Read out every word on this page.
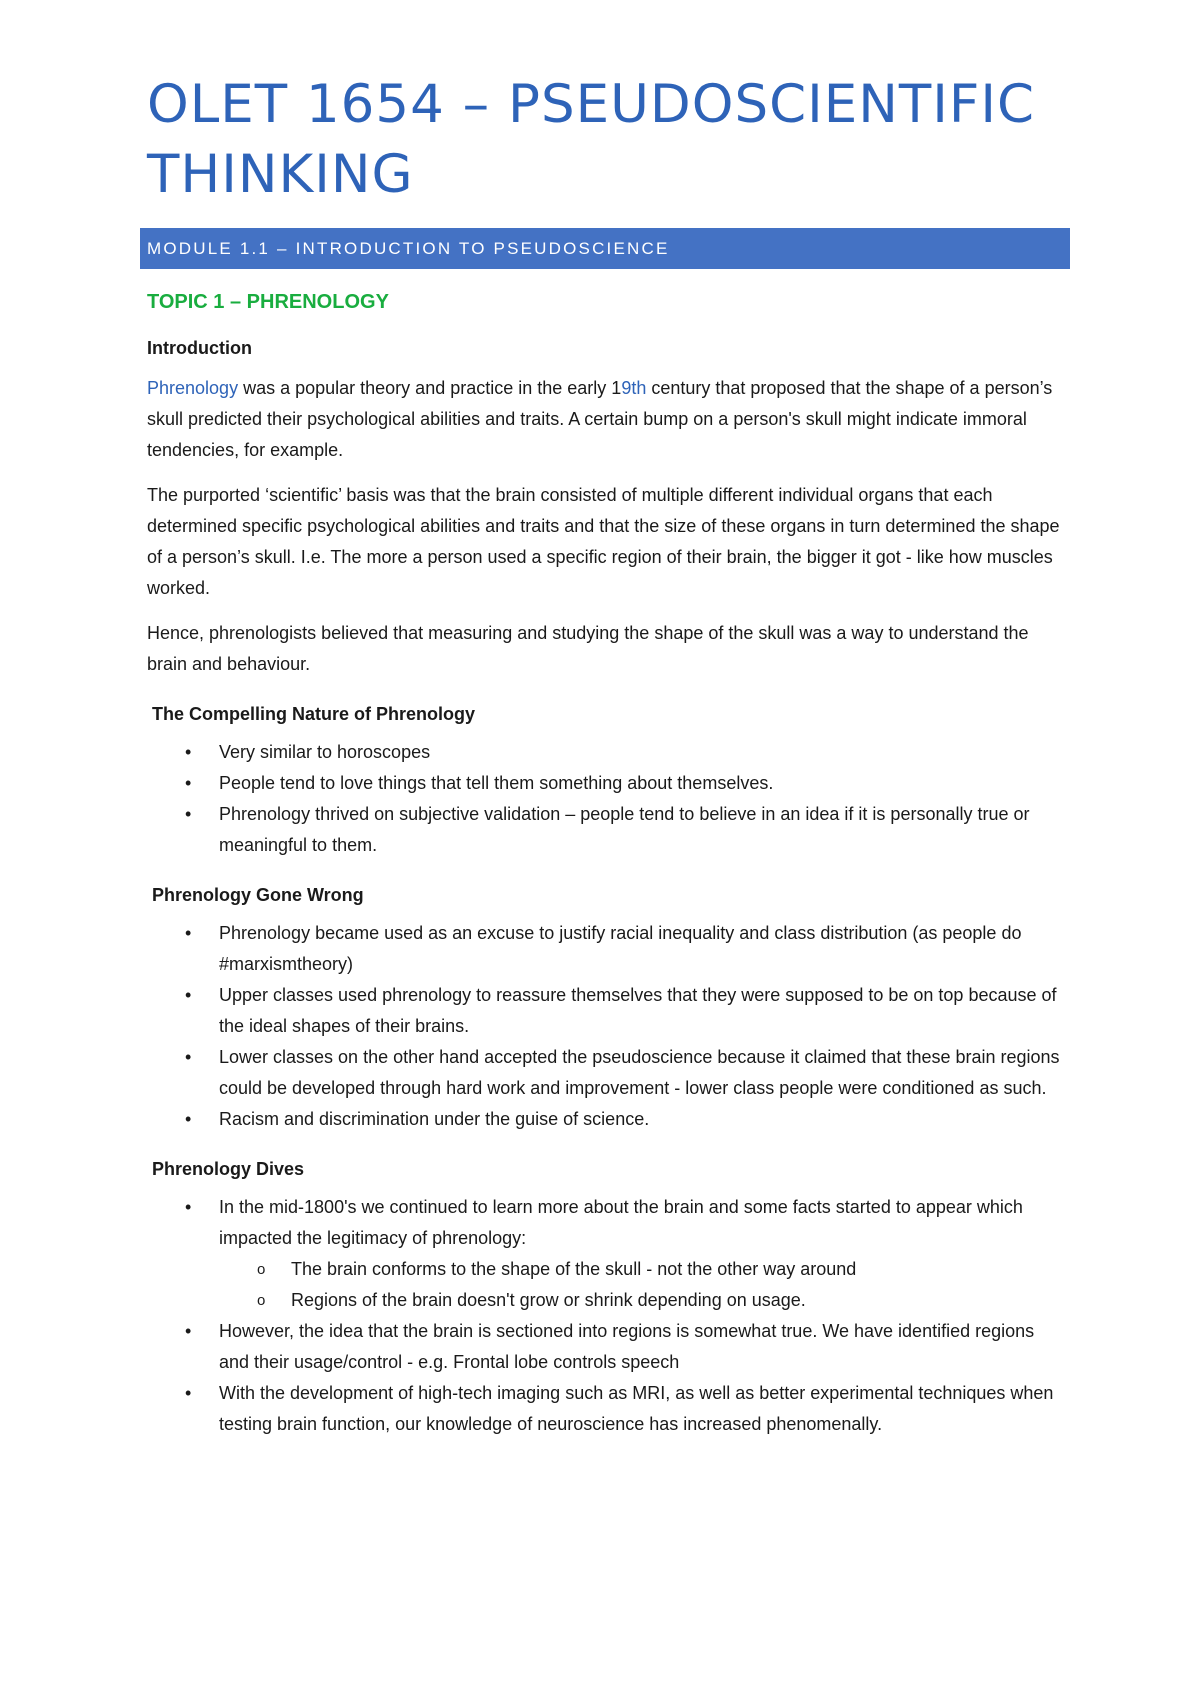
OLET 1654 – PSEUDOSCIENTIFIC THINKING
MODULE 1.1 – INTRODUCTION TO PSEUDOSCIENCE
TOPIC 1 – PHRENOLOGY
Introduction

Phrenology was a popular theory and practice in the early 19th century that proposed that the shape of a person’s skull predicted their psychological abilities and traits. A certain bump on a person's skull might indicate immoral tendencies, for example.

The purported ‘scientific’ basis was that the brain consisted of multiple different individual organs that each determined specific psychological abilities and traits and that the size of these organs in turn determined the shape of a person’s skull. I.e. The more a person used a specific region of their brain, the bigger it got - like how muscles worked.

Hence, phrenologists believed that measuring and studying the shape of the skull was a way to understand the brain and behaviour.

The Compelling Nature of Phrenology
• Very similar to horoscopes
• People tend to love things that tell them something about themselves.
• Phrenology thrived on subjective validation – people tend to believe in an idea if it is personally true or meaningful to them.
Phrenology Gone Wrong
• Phrenology became used as an excuse to justify racial inequality and class distribution (as people do #marxismtheory)
• Upper classes used phrenology to reassure themselves that they were supposed to be on top because of the ideal shapes of their brains.
• Lower classes on the other hand accepted the pseudoscience because it claimed that these brain regions could be developed through hard work and improvement - lower class people were conditioned as such.
• Racism and discrimination under the guise of science.
Phrenology Dives
• In the mid-1800's we continued to learn more about the brain and some facts started to appear which impacted the legitimacy of phrenology:
o The brain conforms to the shape of the skull - not the other way around
o Regions of the brain doesn't grow or shrink depending on usage.
• However, the idea that the brain is sectioned into regions is somewhat true. We have identified regions and their usage/control - e.g. Frontal lobe controls speech
• With the development of high-tech imaging such as MRI, as well as better experimental techniques when testing brain function, our knowledge of neuroscience has increased phenomenally.
